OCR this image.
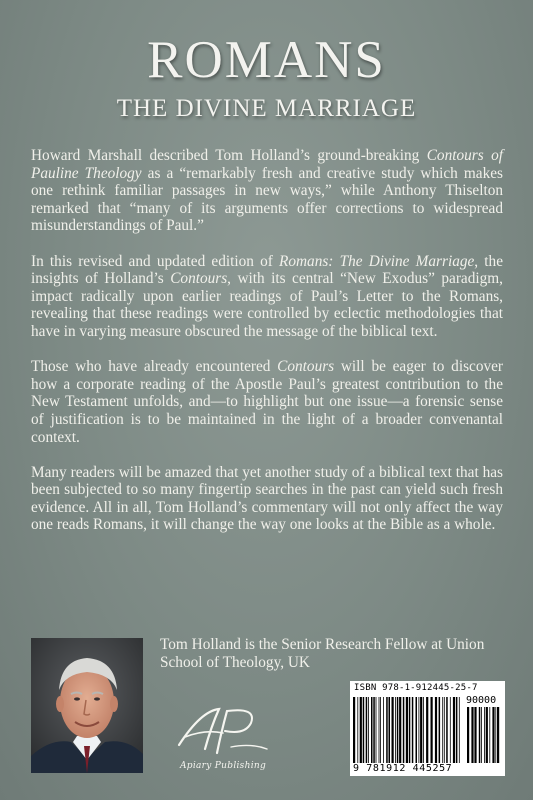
ROMANS
THE DIVINE MARRIAGE

Howard Marshall described Tom Holland’s ground-breaking Contours of Pauline Theology as a “remarkably fresh and creative study which makes one rethink familiar passages in new ways,” while Anthony Thiselton remarked that “many of its arguments offer corrections to widespread misunderstandings of Paul.”

In this revised and updated edition of Romans: The Divine Marriage, the insights of Holland’s Contours, with its central “New Exodus” paradigm, impact radically upon earlier readings of Paul’s Letter to the Romans, revealing that these readings were controlled by eclectic methodologies that have in varying measure obscured the message of the biblical text.

Those who have already encountered Contours will be eager to discover how a corporate reading of the Apostle Paul’s greatest contribution to the New Testament unfolds, and—to highlight but one issue—a forensic sense of justification is to be maintained in the light of a broader convenantal context.

Many readers will be amazed that yet another study of a biblical text that has been subjected to so many fingertip searches in the past can yield such fresh evidence. All in all, Tom Holland’s commentary will not only affect the way one reads Romans, it will change the way one looks at the Bible as a whole.

Tom Holland is the Senior Research Fellow at Union School of Theology, UK
Apiary Publishing
ISBN 978-1-912445-25-7
90000
9 781912 445257
